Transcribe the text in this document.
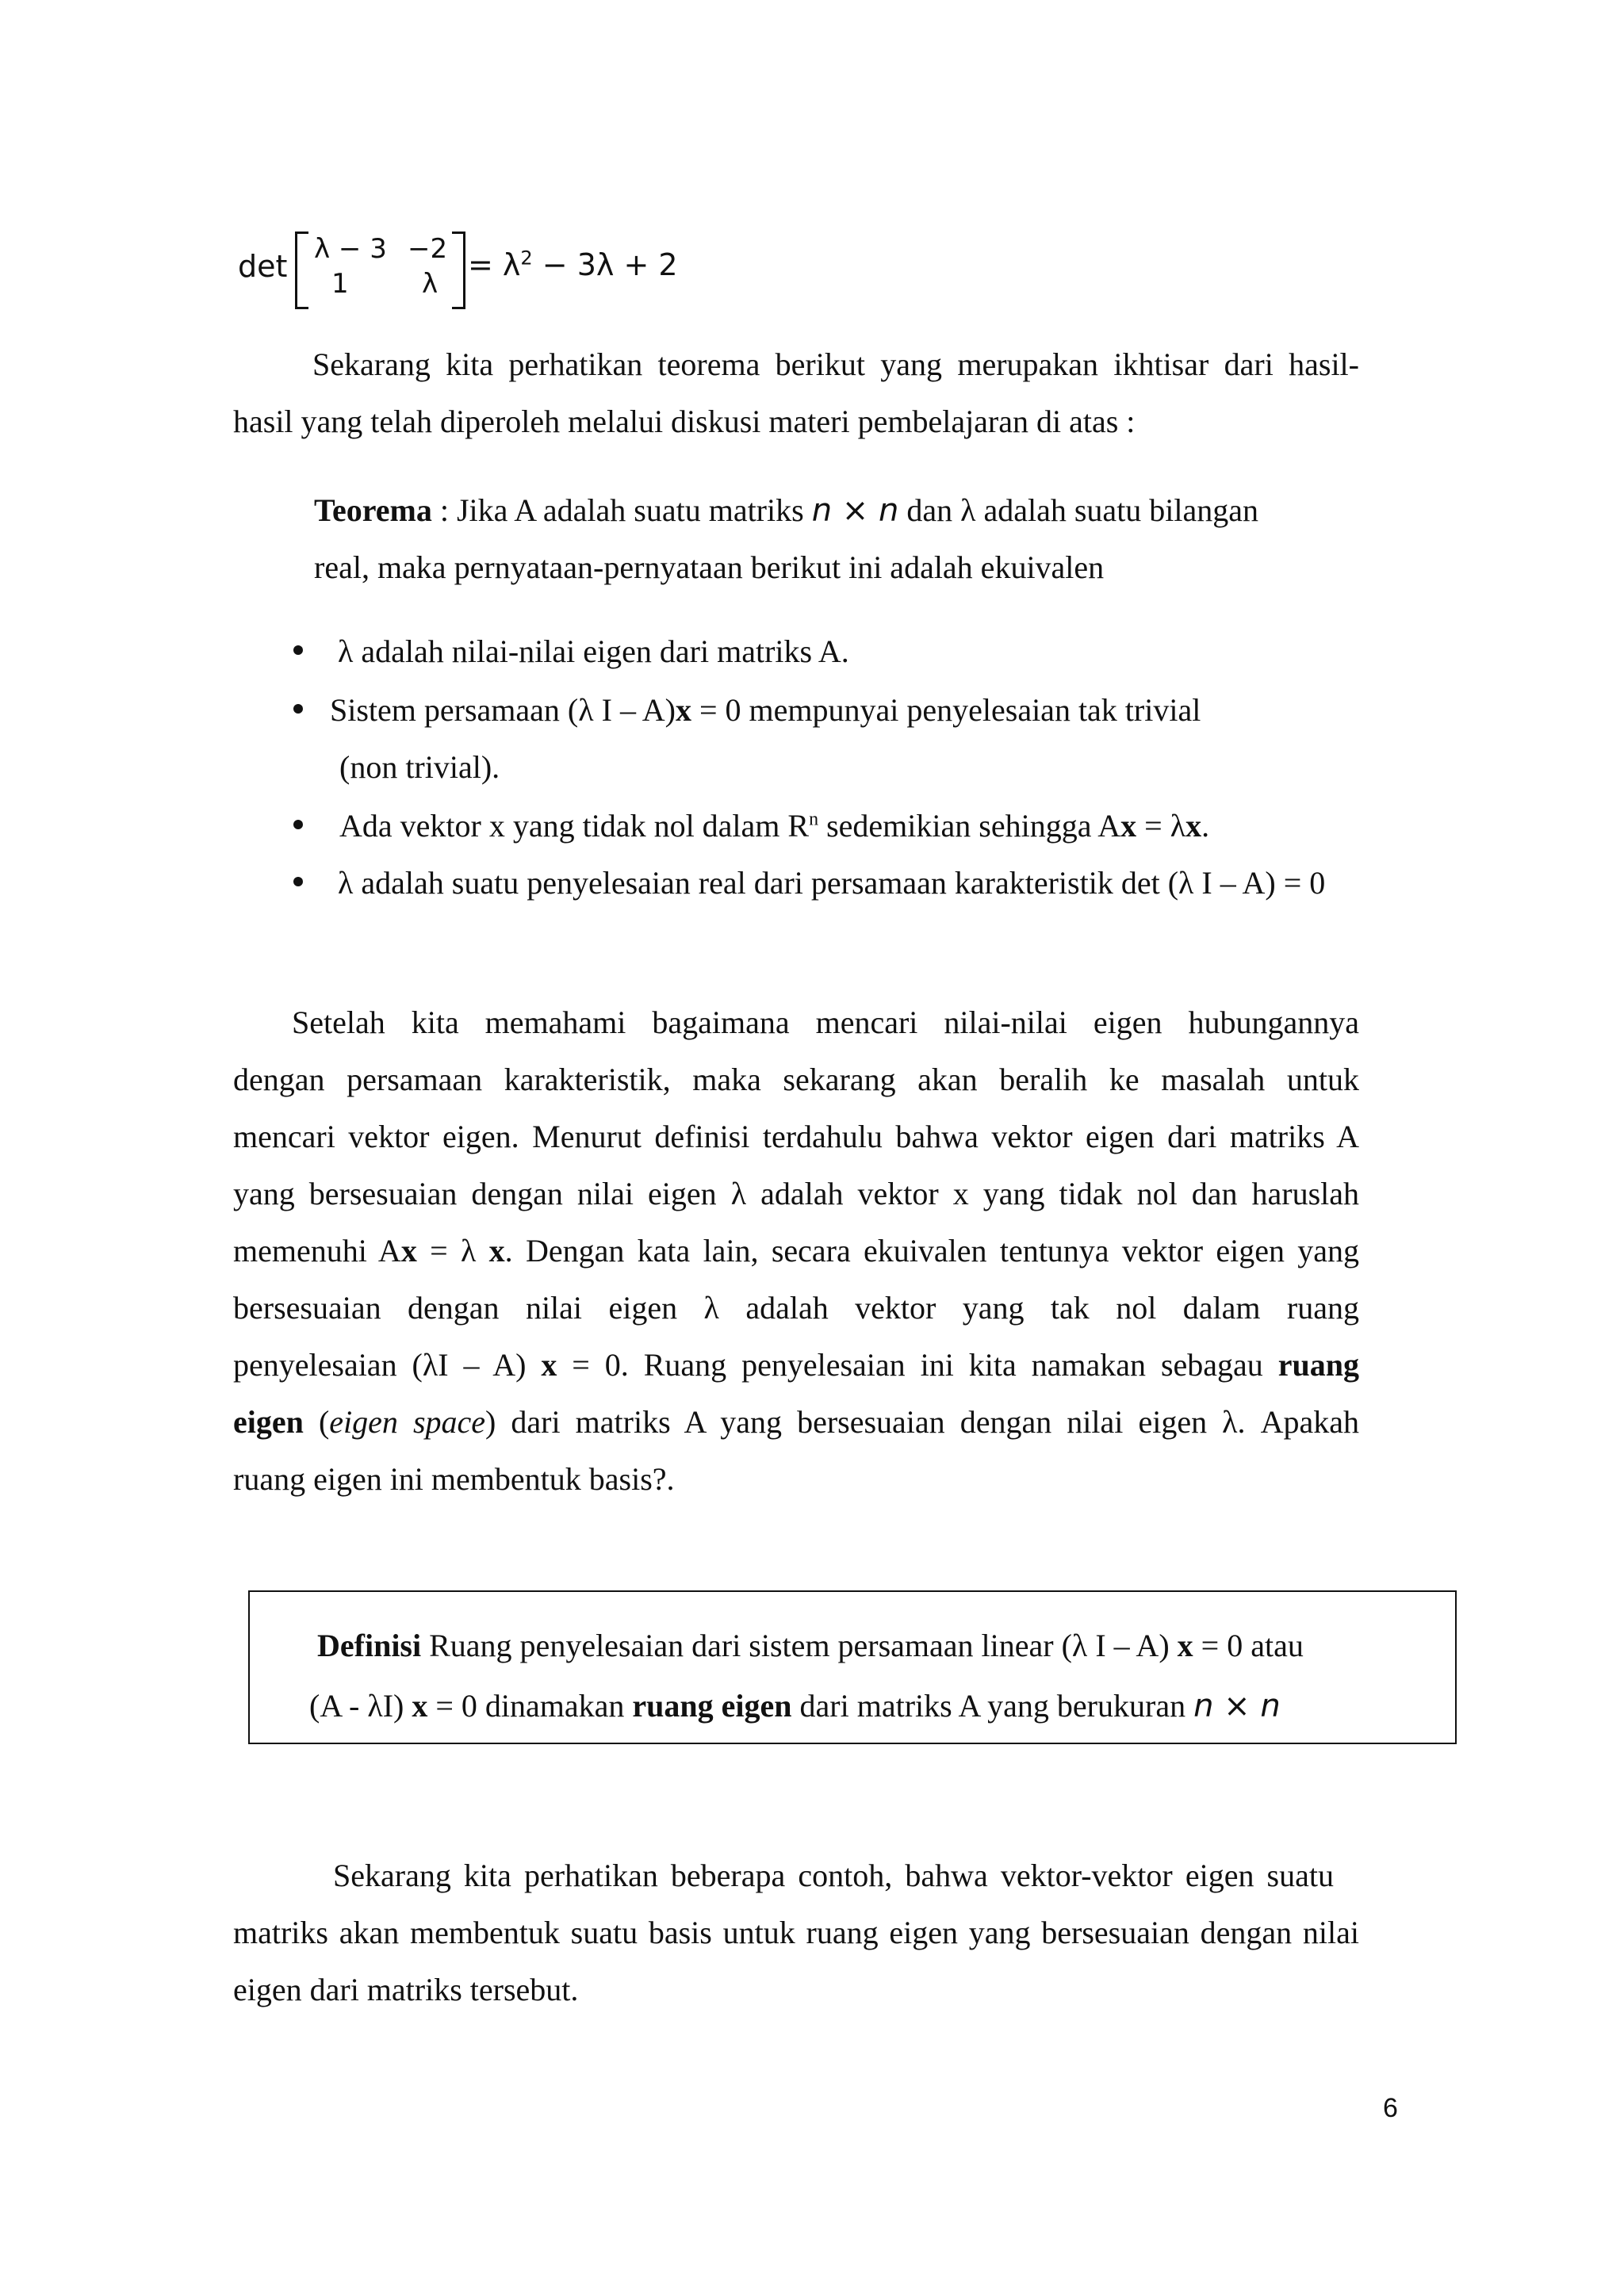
det λ − 3 −2
1	λ
= $\lambda^2 - 3\lambda + 2$
Sekarang kita perhatikan teorema berikut yang merupakan ikhtisar dari hasil-
hasil yang telah diperoleh melalui diskusi materi pembelajaran di atas :
Teorema : Jika A adalah suatu matriks n × n dan λ adalah suatu bilangan
real, maka pernyataan-pernyataan berikut ini adalah ekuivalen
λ adalah nilai-nilai eigen dari matriks A.
Sistem persamaan (λ I – A)x = 0 mempunyai penyelesaian tak trivial
(non trivial).
Ada vektor x yang tidak nol dalam $R^n$ sedemikian sehingga Ax = λx.
λ adalah suatu penyelesaian real dari persamaan karakteristik det (λ I – A) = 0
Setelah kita memahami bagaimana mencari nilai-nilai eigen hubungannya
dengan persamaan karakteristik, maka sekarang akan beralih ke masalah untuk
mencari vektor eigen. Menurut definisi terdahulu bahwa vektor eigen dari matriks A
yang bersesuaian dengan nilai eigen λ adalah vektor x yang tidak nol dan haruslah
memenuhi Ax = λ x. Dengan kata lain, secara ekuivalen tentunya vektor eigen yang
bersesuaian dengan nilai eigen λ adalah vektor yang tak nol dalam ruang
penyelesaian (λI – A) x = 0. Ruang penyelesaian ini kita namakan sebagau ruang
eigen (eigen space) dari matriks A yang bersesuaian dengan nilai eigen λ. Apakah
ruang eigen ini membentuk basis?.
Definisi Ruang penyelesaian dari sistem persamaan linear (λ I – A) x = 0 atau
(A - λI) x = 0 dinamakan ruang eigen dari matriks A yang berukuran n × n
Sekarang kita perhatikan beberapa contoh, bahwa vektor-vektor eigen suatu
matriks akan membentuk suatu basis untuk ruang eigen yang bersesuaian dengan nilai
eigen dari matriks tersebut.
6
